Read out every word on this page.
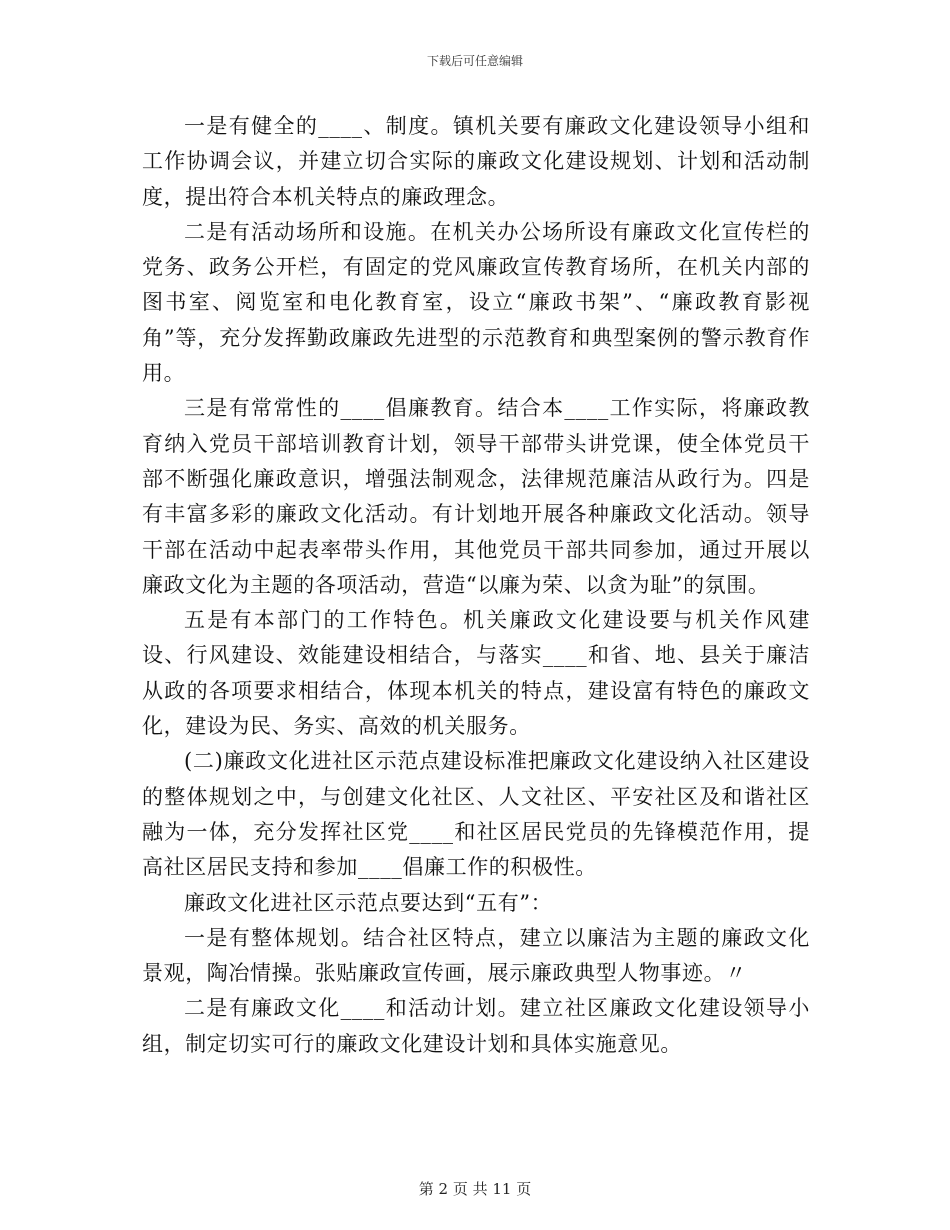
下载后可任意编辑

一是有健全的____、制度。镇机关要有廉政文化建设领导小组和工作协调会议，并建立切合实际的廉政文化建设规划、计划和活动制度，提出符合本机关特点的廉政理念。

二是有活动场所和设施。在机关办公场所设有廉政文化宣传栏的党务、政务公开栏，有固定的党风廉政宣传教育场所，在机关内部的图书室、阅览室和电化教育室，设立“廉政书架”、“廉政教育影视角”等，充分发挥勤政廉政先进型的示范教育和典型案例的警示教育作用。

三是有常常性的____倡廉教育。结合本____工作实际，将廉政教育纳入党员干部培训教育计划，领导干部带头讲党课，使全体党员干部不断强化廉政意识，增强法制观念，法律规范廉洁从政行为。四是有丰富多彩的廉政文化活动。有计划地开展各种廉政文化活动。领导干部在活动中起表率带头作用，其他党员干部共同参加，通过开展以廉政文化为主题的各项活动，营造“以廉为荣、以贪为耻”的氛围。

五是有本部门的工作特色。机关廉政文化建设要与机关作风建设、行风建设、效能建设相结合，与落实____和省、地、县关于廉洁从政的各项要求相结合，体现本机关的特点，建设富有特色的廉政文化，建设为民、务实、高效的机关服务。

(二)廉政文化进社区示范点建设标准把廉政文化建设纳入社区建设的整体规划之中，与创建文化社区、人文社区、平安社区及和谐社区融为一体，充分发挥社区党____和社区居民党员的先锋模范作用，提高社区居民支持和参加____倡廉工作的积极性。

廉政文化进社区示范点要达到“五有”：

一是有整体规划。结合社区特点，建立以廉洁为主题的廉政文化景观，陶冶情操。张贴廉政宣传画，展示廉政典型人物事迹。〃

二是有廉政文化____和活动计划。建立社区廉政文化建设领导小组，制定切实可行的廉政文化建设计划和具体实施意见。

第 2 页 共 11 页
